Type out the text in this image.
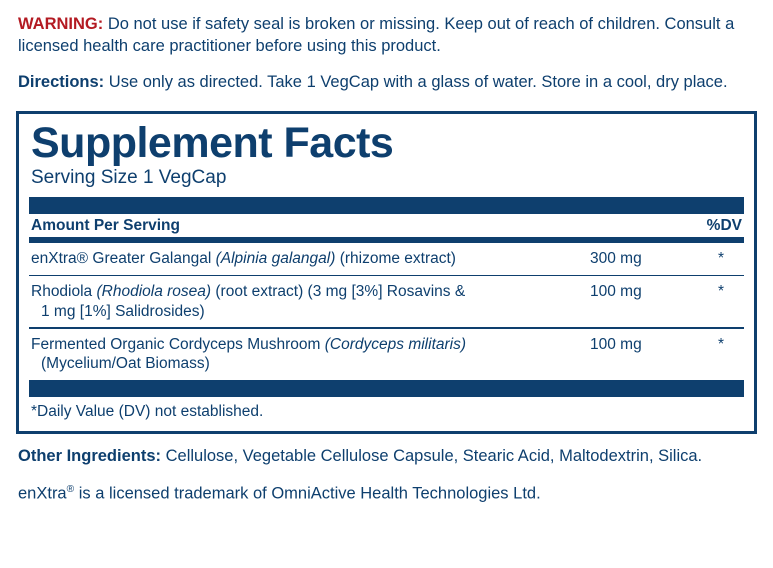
WARNING: Do not use if safety seal is broken or missing. Keep out of reach of children. Consult a licensed health care practitioner before using this product.

Directions: Use only as directed. Take 1 VegCap with a glass of water. Store in a cool, dry place.

Supplement Facts
Serving Size 1 VegCap
Amount Per Serving	%DV
enXtra® Greater Galangal (Alpinia galangal) (rhizome extract)	300 mg	*
Rhodiola (Rhodiola rosea) (root extract) (3 mg [3%] Rosavins &
1 mg [1%] Salidrosides)
100 mg	*
Fermented Organic Cordyceps Mushroom (Cordyceps militaris)
(Mycelium/Oat Biomass)
100 mg	*
*Daily Value (DV) not established.

Other Ingredients: Cellulose, Vegetable Cellulose Capsule, Stearic Acid, Maltodextrin, Silica.

enXtra® is a licensed trademark of OmniActive Health Technologies Ltd.
